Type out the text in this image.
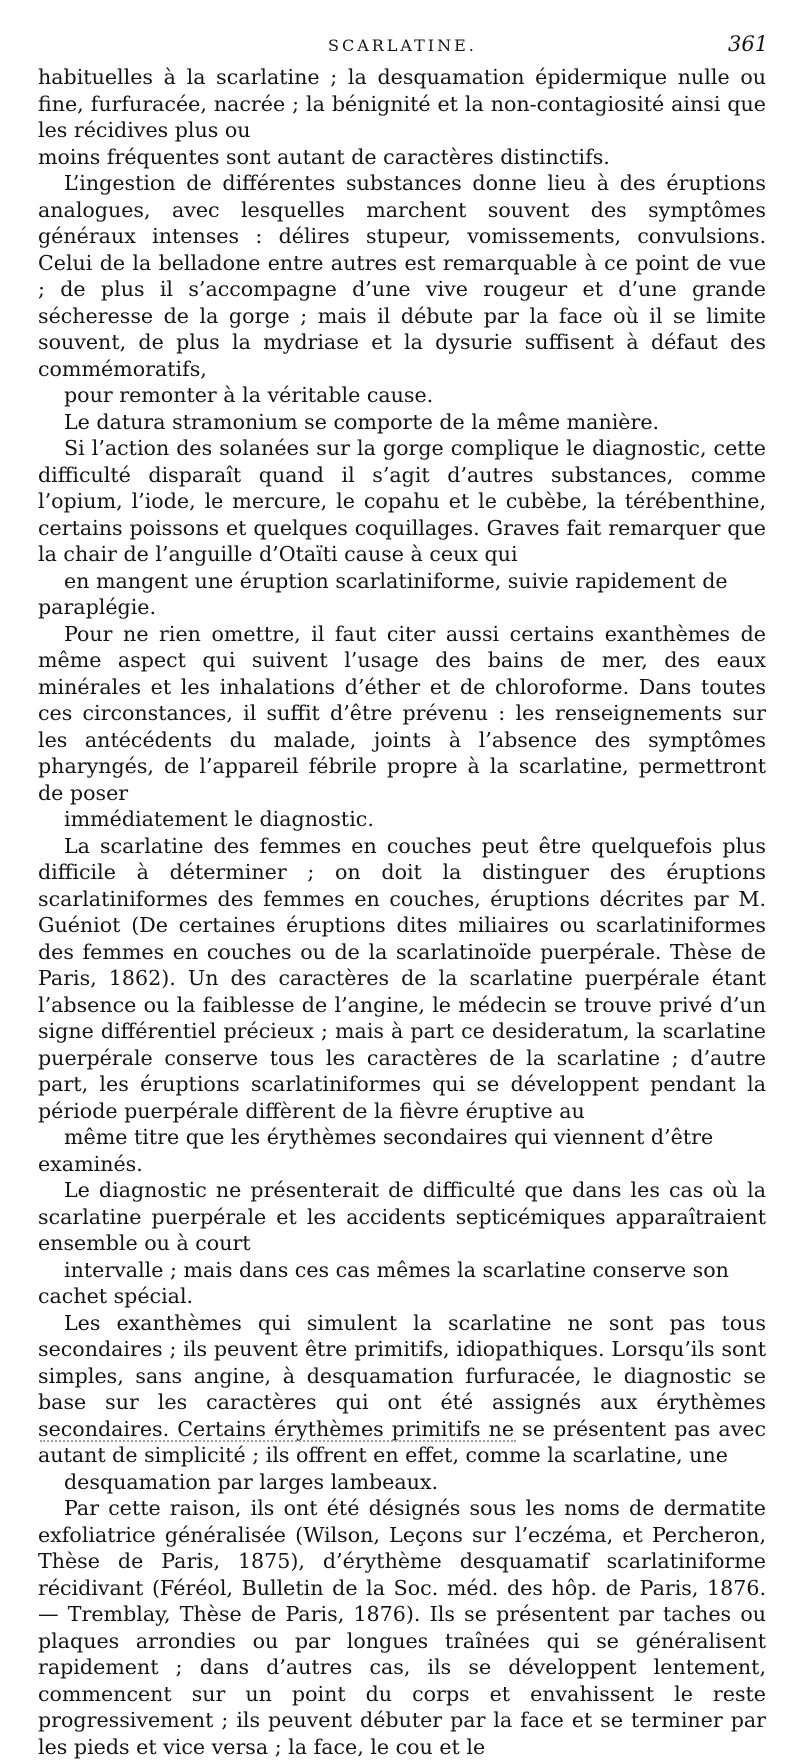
SCARLATINE.	361
habituelles à la scarlatine ; la desquamation épidermique nulle ou fine, furfuracée, nacrée ; la bénignité et la non-contagiosité ainsi que les récidives plus ou
moins fréquentes sont autant de caractères distinctifs.
L’ingestion de différentes substances donne lieu à des éruptions analogues, avec lesquelles marchent souvent des symptômes généraux intenses : délires stupeur, vomissements, convulsions. Celui de la belladone entre autres est remarquable à ce point de vue ; de plus il s’accompagne d’une vive rougeur et d’une grande sécheresse de la gorge ; mais il débute par la face où il se limite souvent, de plus la mydriase et la dysurie suffisent à défaut des commémoratifs,
pour remonter à la véritable cause.
Le datura stramonium se comporte de la même manière.
Si l’action des solanées sur la gorge complique le diagnostic, cette difficulté disparaît quand il s’agit d’autres substances, comme l’opium, l’iode, le mercure, le copahu et le cubèbe, la térébenthine, certains poissons et quelques coquillages. Graves fait remarquer que la chair de l’anguille d’Otaïti cause à ceux qui
en mangent une éruption scarlatiniforme, suivie rapidement de paraplégie.
Pour ne rien omettre, il faut citer aussi certains exanthèmes de même aspect qui suivent l’usage des bains de mer, des eaux minérales et les inhalations d’éther et de chloroforme. Dans toutes ces circonstances, il suffit d’être prévenu : les renseignements sur les antécédents du malade, joints à l’absence des symptômes pharyngés, de l’appareil fébrile propre à la scarlatine, permettront de poser
immédiatement le diagnostic.
La scarlatine des femmes en couches peut être quelquefois plus difficile à déterminer ; on doit la distinguer des éruptions scarlatiniformes des femmes en couches, éruptions décrites par M. Guéniot (De certaines éruptions dites miliaires ou scarlatiniformes des femmes en couches ou de la scarlatinoïde puerpérale. Thèse de Paris, 1862). Un des caractères de la scarlatine puerpérale étant l’absence ou la faiblesse de l’angine, le médecin se trouve privé d’un signe différentiel précieux ; mais à part ce desideratum, la scarlatine puerpérale conserve tous les caractères de la scarlatine ; d’autre part, les éruptions scarlatiniformes qui se développent pendant la période puerpérale diffèrent de la fièvre éruptive au
même titre que les érythèmes secondaires qui viennent d’être examinés.
Le diagnostic ne présenterait de difficulté que dans les cas où la scarlatine puerpérale et les accidents septicémiques apparaîtraient ensemble ou à court
intervalle ; mais dans ces cas mêmes la scarlatine conserve son cachet spécial.
Les exanthèmes qui simulent la scarlatine ne sont pas tous secondaires ; ils peuvent être primitifs, idiopathiques. Lorsqu’ils sont simples, sans angine, à desquamation furfuracée, le diagnostic se base sur les caractères qui ont été assignés aux érythèmes secondaires. Certains érythèmes primitifs ne se présentent pas avec autant de simplicité ; ils offrent en effet, comme la scarlatine, une
desquamation par larges lambeaux.
Par cette raison, ils ont été désignés sous les noms de dermatite exfoliatrice généralisée (Wilson, Leçons sur l’eczéma, et Percheron, Thèse de Paris, 1875), d’érythème desquamatif scarlatiniforme récidivant (Féréol, Bulletin de la Soc. méd. des hôp. de Paris, 1876. — Tremblay, Thèse de Paris, 1876). Ils se présentent par taches ou plaques arrondies ou par longues traînées qui se généralisent rapidement ; dans d’autres cas, ils se développent lentement, commencent sur un point du corps et envahissent le reste progressivement ; ils peuvent débuter par la face et se terminer par les pieds et vice versa ; la face, le cou et le
